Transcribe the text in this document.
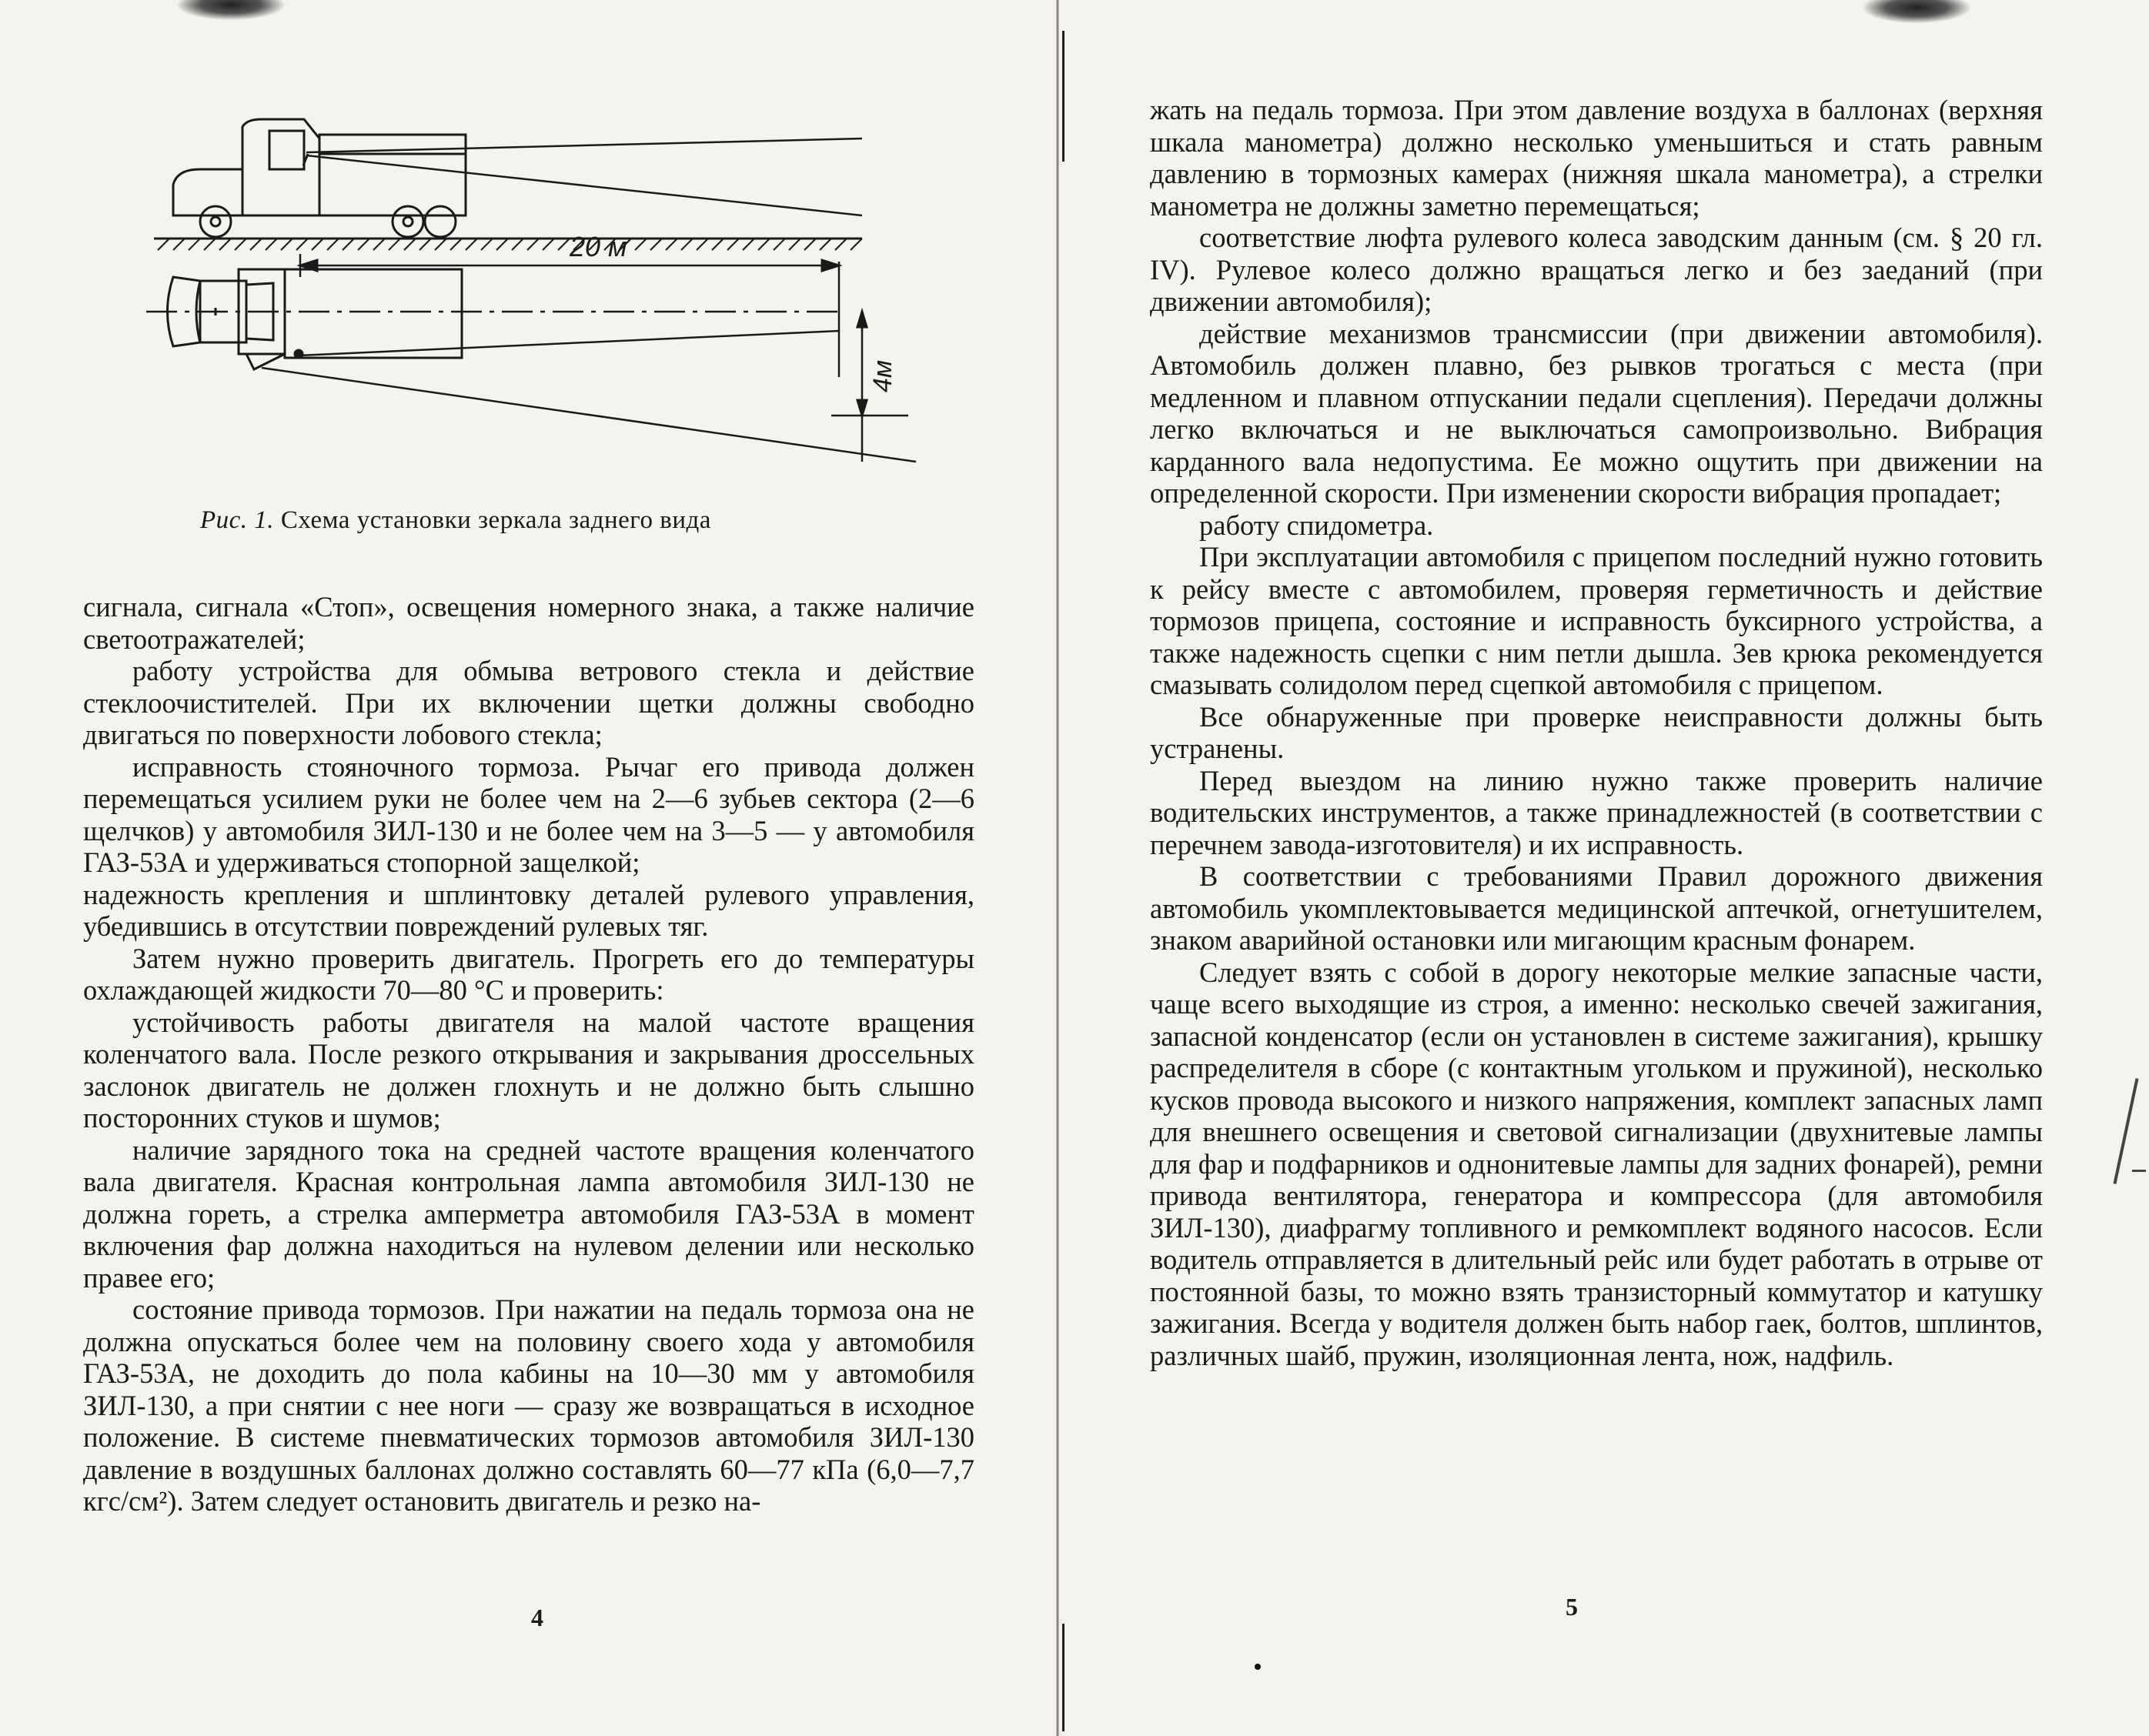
20 м
4м
Рис. 1. Схема установки зеркала заднего вида

сигнала, сигнала «Стоп», освещения номерного знака, а также наличие светоотражателей;

работу устройства для обмыва ветрового стекла и действие стеклоочистителей. При их включении щетки должны свободно двигаться по поверхности лобового стекла;

исправность стояночного тормоза. Рычаг его привода должен перемещаться усилием руки не более чем на 2—6 зубьев сектора (2—6 щелчков) у автомобиля ЗИЛ-130 и не более чем на 3—5 — у автомобиля ГАЗ-53А и удерживаться стопорной защелкой;

надежность крепления и шплинтовку деталей рулевого управления, убедившись в отсутствии повреждений рулевых тяг.

Затем нужно проверить двигатель. Прогреть его до температуры охлаждающей жидкости 70—80 °С и проверить:

устойчивость работы двигателя на малой частоте вращения коленчатого вала. После резкого открывания и закрывания дроссельных заслонок двигатель не должен глохнуть и не должно быть слышно посторонних стуков и шумов;

наличие зарядного тока на средней частоте вращения коленчатого вала двигателя. Красная контрольная лампа автомобиля ЗИЛ-130 не должна гореть, а стрелка амперметра автомобиля ГАЗ-53А в момент включения фар должна находиться на нулевом делении или несколько правее его;

состояние привода тормозов. При нажатии на педаль тормоза она не должна опускаться более чем на половину своего хода у автомобиля ГАЗ-53А, не доходить до пола кабины на 10—30 мм у автомобиля ЗИЛ-130, а при снятии с нее ноги — сразу же возвращаться в исходное положение. В системе пневматических тормозов автомобиля ЗИЛ-130 давление в воздушных баллонах должно составлять 60—77 кПа (6,0—7,7 кгс/см²). Затем следует остановить двигатель и резко на-

4

жать на педаль тормоза. При этом давление воздуха в баллонах (верхняя шкала манометра) должно несколько уменьшиться и стать равным давлению в тормозных камерах (нижняя шкала манометра), а стрелки манометра не должны заметно перемещаться;

соответствие люфта рулевого колеса заводским данным (см. § 20 гл. IV). Рулевое колесо должно вращаться легко и без заеданий (при движении автомобиля);

действие механизмов трансмиссии (при движении автомобиля). Автомобиль должен плавно, без рывков трогаться с места (при медленном и плавном отпускании педали сцепления). Передачи должны легко включаться и не выключаться самопроизвольно. Вибрация карданного вала недопустима. Ее можно ощутить при движении на определенной скорости. При изменении скорости вибрация пропадает;

работу спидометра.

При эксплуатации автомобиля с прицепом последний нужно готовить к рейсу вместе с автомобилем, проверяя герметичность и действие тормозов прицепа, состояние и исправность буксирного устройства, а также надежность сцепки с ним петли дышла. Зев крюка рекомендуется смазывать солидолом перед сцепкой автомобиля с прицепом.

Все обнаруженные при проверке неисправности должны быть устранены.

Перед выездом на линию нужно также проверить наличие водительских инструментов, а также принадлежностей (в соответствии с перечнем завода-изготовителя) и их исправность.

В соответствии с требованиями Правил дорожного движения автомобиль укомплектовывается медицинской аптечкой, огнетушителем, знаком аварийной остановки или мигающим красным фонарем.

Следует взять с собой в дорогу некоторые мелкие запасные части, чаще всего выходящие из строя, а именно: несколько свечей зажигания, запасной конденсатор (если он установлен в системе зажигания), крышку распределителя в сборе (с контактным угольком и пружиной), несколько кусков провода высокого и низкого напряжения, комплект запасных ламп для внешнего освещения и световой сигнализации (двухнитевые лампы для фар и подфарников и однонитевые лампы для задних фонарей), ремни привода вентилятора, генератора и компрессора (для автомобиля ЗИЛ-130), диафрагму топливного и ремкомплект водяного насосов. Если водитель отправляется в длительный рейс или будет работать в отрыве от постоянной базы, то можно взять транзисторный коммутатор и катушку зажигания. Всегда у водителя должен быть набор гаек, болтов, шплинтов, различных шайб, пружин, изоляционная лента, нож, надфиль.

5
